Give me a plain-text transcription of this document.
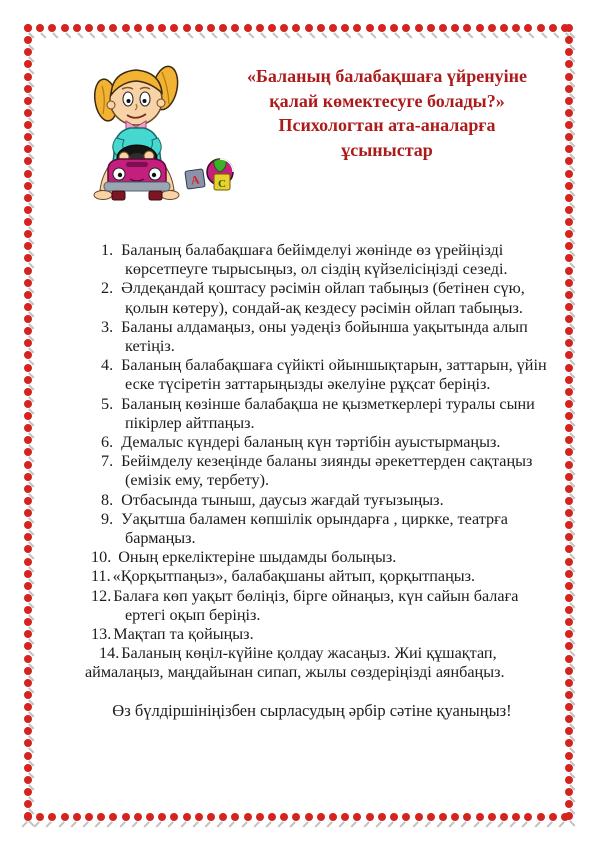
А С
«Баланың балабақшаға үйренуіне
қалай көмектесуге болады?»
Психологтан ата-аналарға
ұсыныстар
1. Баланың балабақшаға бейімделуі жөнінде өз үрейіңізді көрсетпеуге тырысыңыз, ол сіздің күйзелісіңізді сезеді.
2. Әлдеқандай қоштасу рәсімін ойлап табыңыз (бетінен сүю, қолын көтеру), сондай-ақ кездесу рәсімін ойлап табыңыз.
3. Баланы алдамаңыз, оны уәдеңіз бойынша уақытында алып кетіңіз.
4. Баланың балабақшаға сүйікті ойыншықтарын, заттарын, үйін еске түсіретін заттарыңызды әкелуіне рұқсат беріңіз.
5. Баланың көзінше балабақша не қызметкерлері туралы сыни пікірлер айтпаңыз.
6. Демалыс күндері баланың күн тәртібін ауыстырмаңыз.
7. Бейімделу кезеңінде баланы зиянды әрекеттерден сақтаңыз (емізік ему, тербету).
8. Отбасында тыныш, даусыз жағдай туғызыңыз.
9. Уақытша баламен көпшілік орындарға , циркке, театрға бармаңыз.
10. Оның еркеліктеріне шыдамды болыңыз.
11. «Қорқытпаңыз», балабақшаны айтып, қорқытпаңыз.
12. Балаға көп уақыт бөліңіз, бірге ойнаңыз, күн сайын балаға ертегі оқып беріңіз.
13. Мақтап та қойыңыз.
14. Баланың көңіл-күйіне қолдау жасаңыз. Жиі құшақтап, аймалаңыз, маңдайынан сипап, жылы сөздеріңізді аянбаңыз.
Өз бүлдіршініңізбен сырласудың әрбір сәтіне қуаныңыз!
